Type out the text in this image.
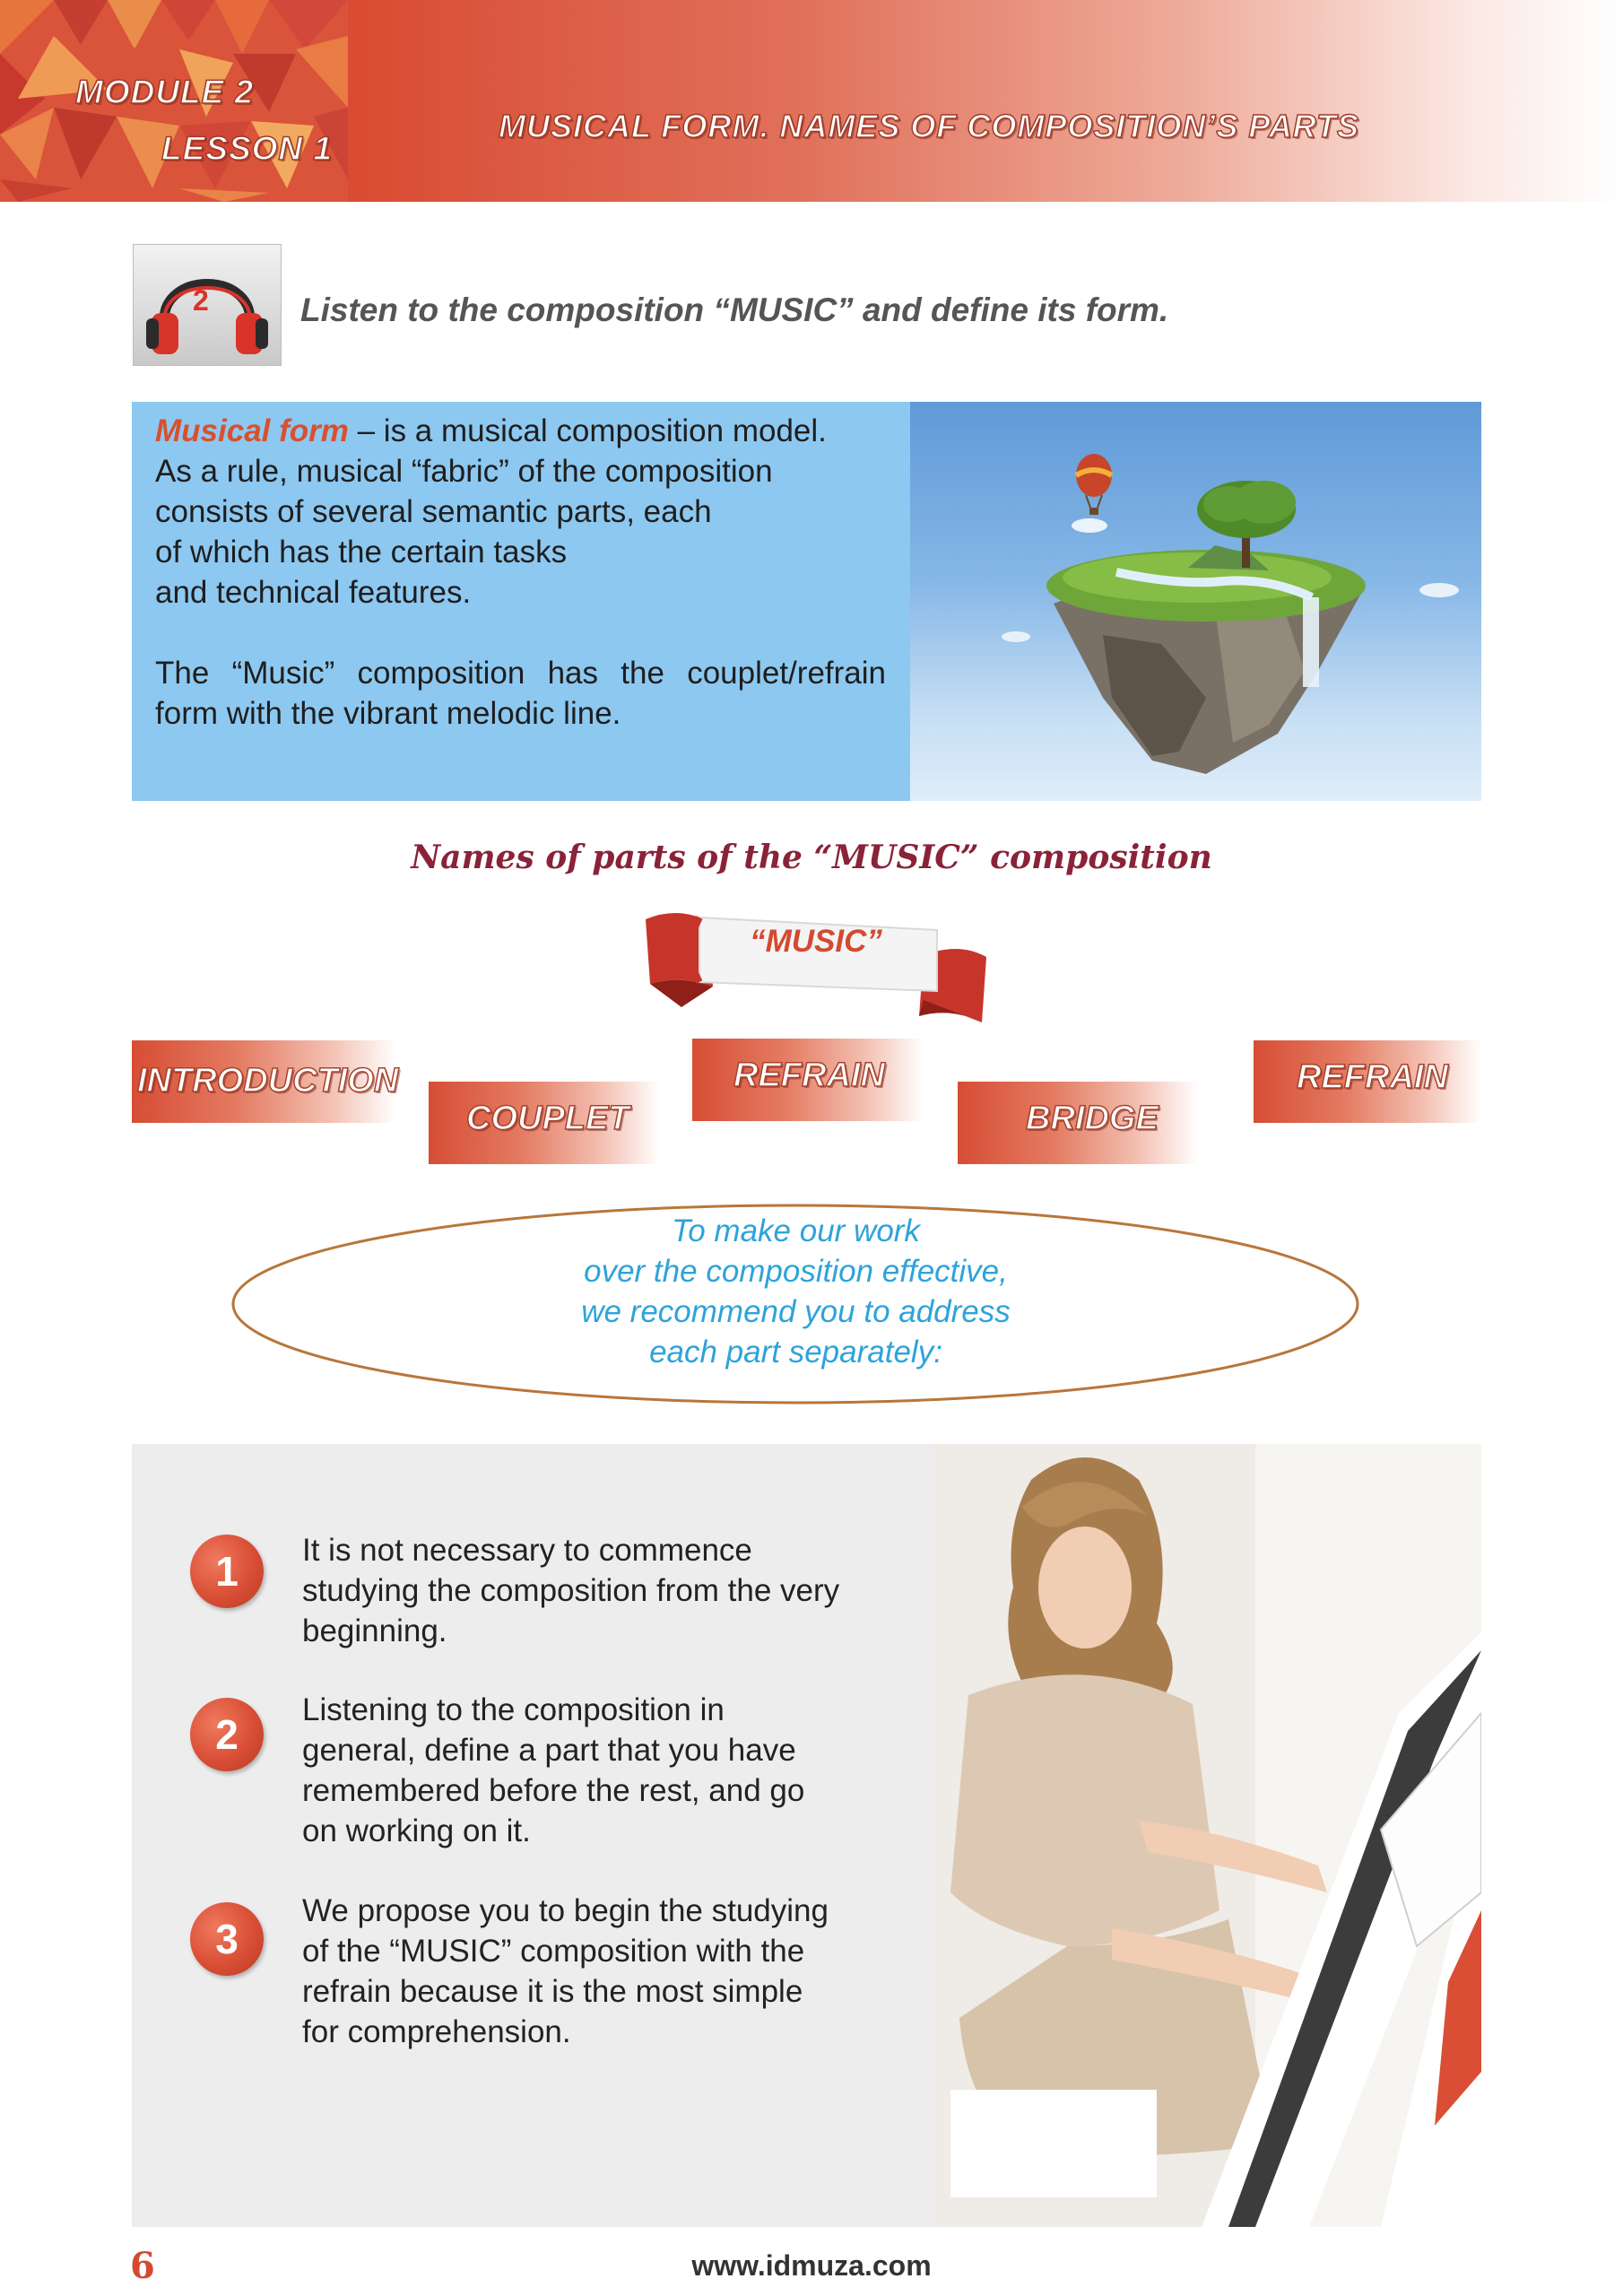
MODULE 2
LESSON 1
MUSICAL FORM. NAMES OF COMPOSITION’S PARTS
2	Listen to the composition “MUSIC” and define its form.

Musical form – is a musical composition model.

As a rule, musical “fabric” of the composition

consists of several semantic parts, each

of which has the certain tasks

and technical features.

The “Music” composition has the couplet/refrain form with the vibrant melodic line.

Names of parts of the “MUSIC” composition
“MUSIC”
INTRODUCTION
COUPLET
REFRAIN
BRIDGE
REFRAIN
To make our work
over the composition effective,
we recommend you to address
each part separately:
1	It is not necessary to commence
studying the composition from the very
beginning.
2
Listening to the composition in
general, define a part that you have
remembered before the rest, and go
on working on it.
3
We propose you to begin the studying
of the “MUSIC” composition with the
refrain because it is the most simple
for comprehension.
6	www.idmuza.com
